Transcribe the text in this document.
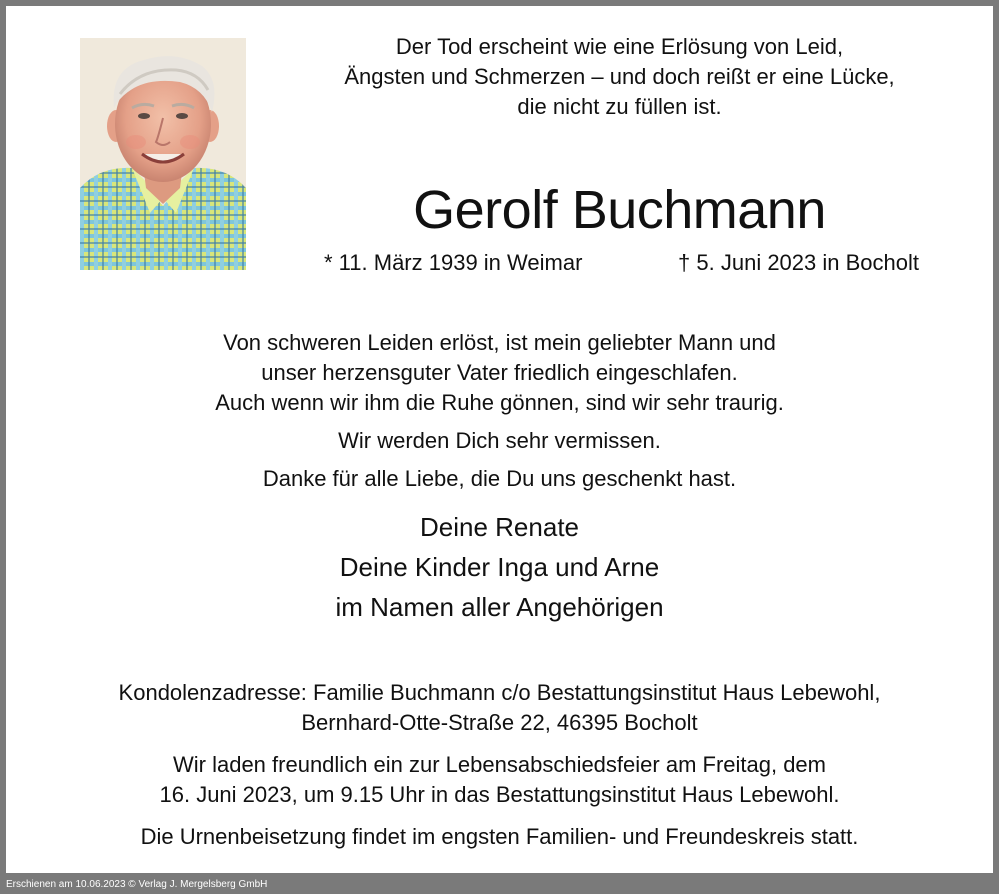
Der Tod erscheint wie eine Erlösung von Leid,
Ängsten und Schmerzen – und doch reißt er eine Lücke,
die nicht zu füllen ist.
Gerolf Buchmann
* 11. März 1939 in Weimar	† 5. Juni 2023 in Bocholt
Von schweren Leiden erlöst, ist mein geliebter Mann und
unser herzensguter Vater friedlich eingeschlafen.
Auch wenn wir ihm die Ruhe gönnen, sind wir sehr traurig.
Wir werden Dich sehr vermissen.
Danke für alle Liebe, die Du uns geschenkt hast.
Deine Renate
Deine Kinder Inga und Arne
im Namen aller Angehörigen
Kondolenzadresse: Familie Buchmann c/o Bestattungsinstitut Haus Lebewohl,
Bernhard-Otte-Straße 22, 46395 Bocholt
Wir laden freundlich ein zur Lebensabschiedsfeier am Freitag, dem
16. Juni 2023, um 9.15 Uhr in das Bestattungsinstitut Haus Lebewohl.
Die Urnenbeisetzung findet im engsten Familien- und Freundeskreis statt.
Erschienen am 10.06.2023 © Verlag J. Mergelsberg GmbH
